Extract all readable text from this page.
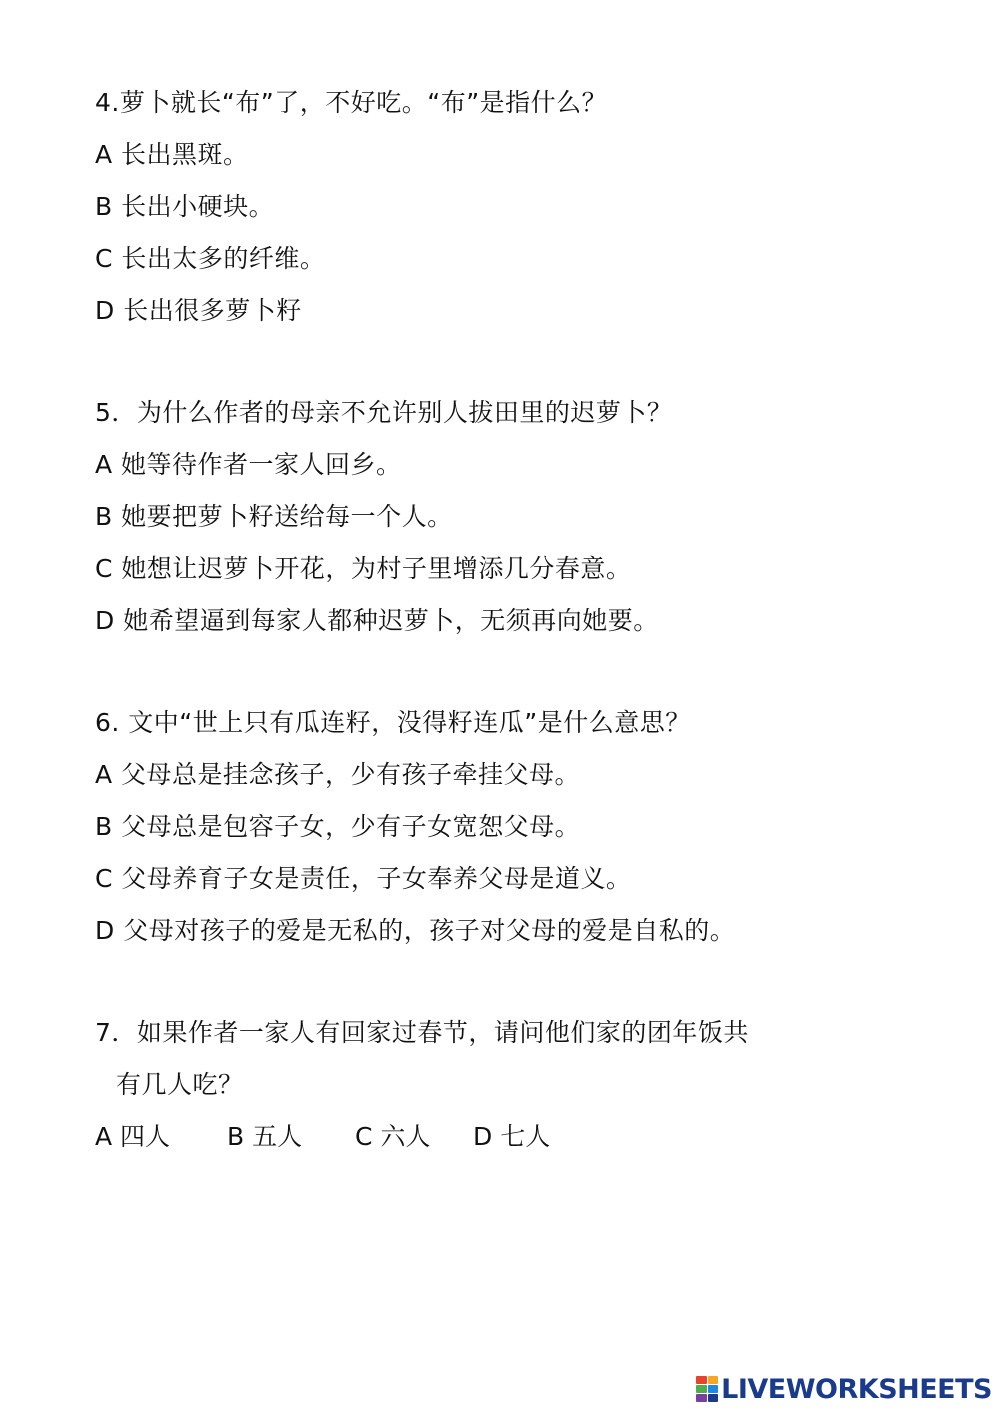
4.萝卜就长“布”了，不好吃。“布”是指什么？
A 长出黑斑。
B 长出小硬块。
C 长出太多的纤维。
D 长出很多萝卜籽
5．为什么作者的母亲不允许别人拔田里的迟萝卜？
A 她等待作者一家人回乡。
B 她要把萝卜籽送给每一个人。
C 她想让迟萝卜开花，为村子里增添几分春意。
D 她希望逼到每家人都种迟萝卜，无须再向她要。
6. 文中“世上只有瓜连籽，没得籽连瓜”是什么意思？
A 父母总是挂念孩子，少有孩子牵挂父母。
B 父母总是包容子女，少有子女宽恕父母。
C 父母养育子女是责任，子女奉养父母是道义。
D 父母对孩子的爱是无私的，孩子对父母的爱是自私的。
7．如果作者一家人有回家过春节，请问他们家的团年饭共
有几人吃？
A 四人 B 五人 C 六人 D 七人
LIVEWORKSHEETS
